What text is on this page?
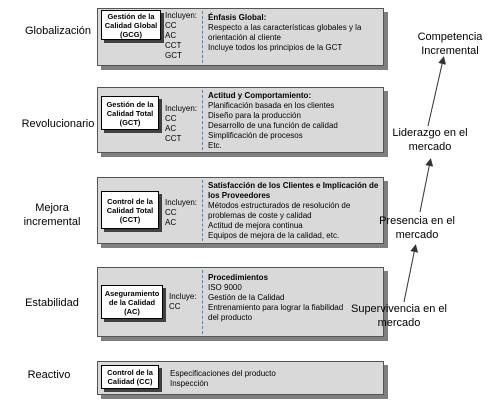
Globalización
Revolucionario
Mejora incremental
Estabilidad
Reactivo
Gestión de la Calidad Global (GCG)
Incluyen:
CC
AC
CCT
GCT
Énfasis Global:
Respecto a las características globales y la
orientación al cliente
Incluye todos los principios de la GCT
Gestión de la Calidad Total (GCT)
Incluyen:
CC
AC
CCT
Actitud y Comportamiento:
Planificación basada en los clientes
Diseño para la producción
Desarrollo de una función de calidad
Simplificación de procesos
Etc.
Control de la Calidad Total (CCT)
Incluyen:
CC
AC
Satisfacción de los Clientes e Implicación de los Proveedores
Métodos estructurados de resolución de
problemas de coste y calidad
Actitud de mejora continua
Equipos de mejora de la calidad, etc.
Aseguramiento de la Calidad (AC)
Incluye:
CC
Procedimientos
ISO 9000
Gestión de la Calidad
Entrenamiento para lograr la fiabilidad
del producto
Control de la Calidad (CC)
Especificaciones del producto
Inspección
Competencia Incremental
Liderazgo en el mercado
Presencia en el mercado
Supervivencia en el mercado
